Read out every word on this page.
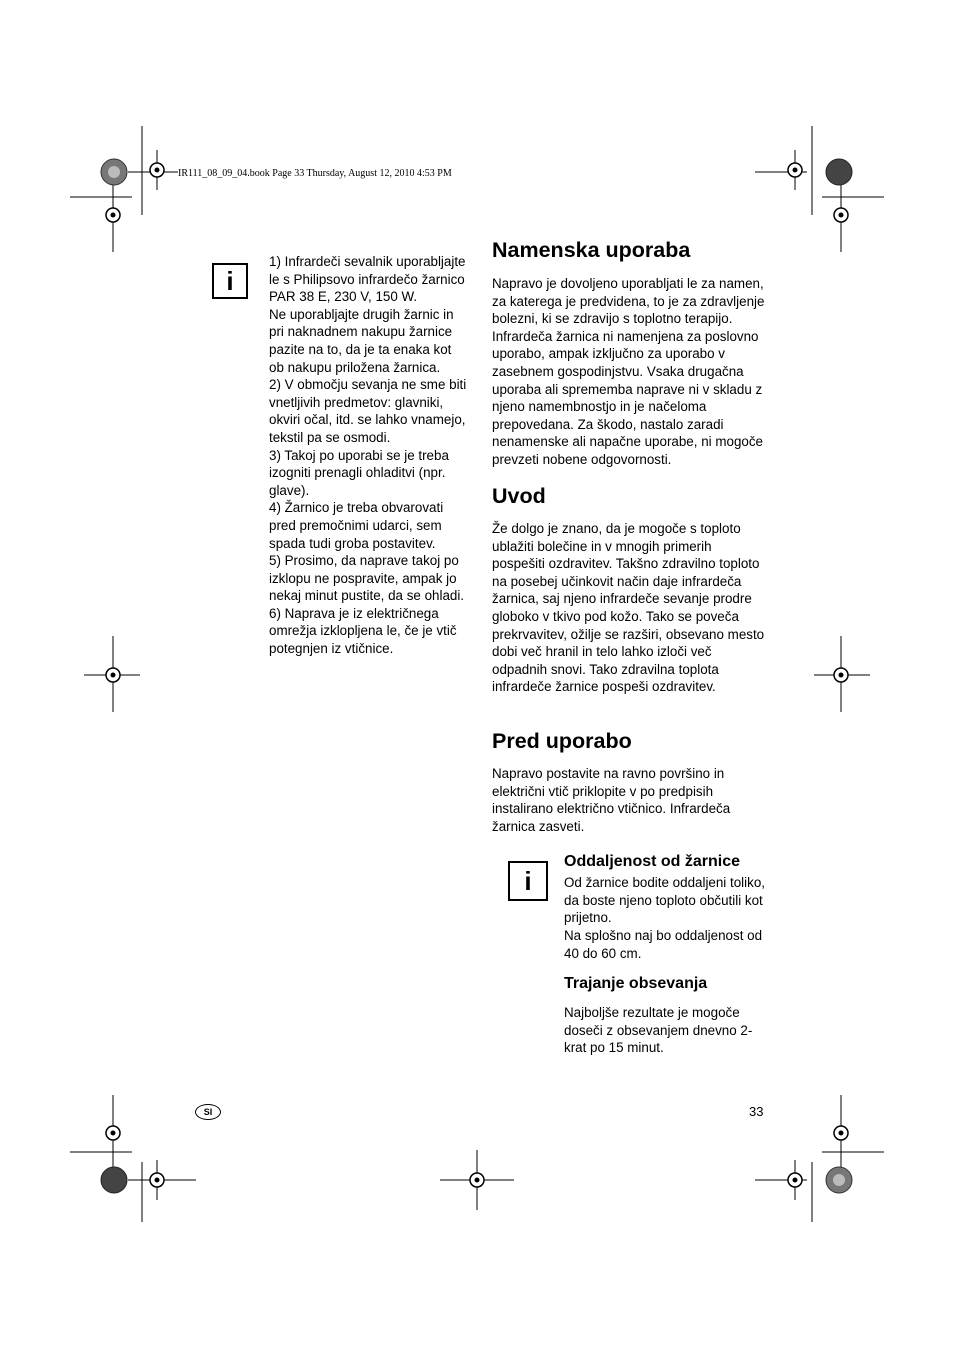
IR111_08_09_04.book Page 33 Thursday, August 12, 2010 4:53 PM
i

1) Infrardeči sevalnik uporabljajte le s Philipsovo infrardečo žarnico

PAR 38 E, 230 V, 150 W.

Ne uporabljajte drugih žarnic in pri naknadnem nakupu žarnice pazite na to, da je ta enaka kot ob nakupu priložena žarnica.

2) V območju sevanja ne sme biti vnetljivih predmetov: glavniki, okviri očal, itd. se lahko vnamejo, tekstil pa se osmodi.

3) Takoj po uporabi se je treba izogniti prenagli ohladitvi (npr. glave).

4) Žarnico je treba obvarovati pred premočnimi udarci, sem spada tudi groba postavitev.

5) Prosimo, da naprave takoj po izklopu ne pospravite, ampak jo nekaj minut pustite, da se ohladi.

6) Naprava je iz električnega omrežja izklopljena le, če je vtič potegnjen iz vtičnice.

Namenska uporaba

Napravo je dovoljeno uporabljati le za namen, za katerega je predvidena, to je za zdravljenje bolezni, ki se zdravijo s toplotno terapijo. Infrardeča žarnica ni namenjena za poslovno uporabo, ampak izključno za uporabo v zasebnem gospodinjstvu. Vsaka drugačna uporaba ali sprememba naprave ni v skladu z njeno namembnostjo in je načeloma prepovedana. Za škodo, nastalo zaradi nenamenske ali napačne uporabe, ni mogoče prevzeti nobene odgovornosti.

Uvod

Že dolgo je znano, da je mogoče s toploto ublažiti bolečine in v mnogih primerih pospešiti ozdravitev. Takšno zdravilno toploto na posebej učinkovit način daje infrardeča žarnica, saj njeno infrardeče sevanje prodre globoko v tkivo pod kožo. Tako se poveča prekrvavitev, ožilje se razširi, obsevano mesto dobi več hranil in telo lahko izloči več odpadnih snovi. Tako zdravilna toplota infrardeče žarnice pospeši ozdravitev.

Pred uporabo

Napravo postavite na ravno površino in električni vtič priklopite v po predpisih instalirano električno vtičnico. Infrardeča žarnica zasveti.

i
Oddaljenost od žarnice

Od žarnice bodite oddaljeni toliko, da boste njeno toploto občutili kot prijetno.

Na splošno naj bo oddaljenost od 40 do 60 cm.

Trajanje obsevanja

Najboljše rezultate je mogoče doseči z obsevanjem dnevno 2-krat po 15 minut.

SI	33
